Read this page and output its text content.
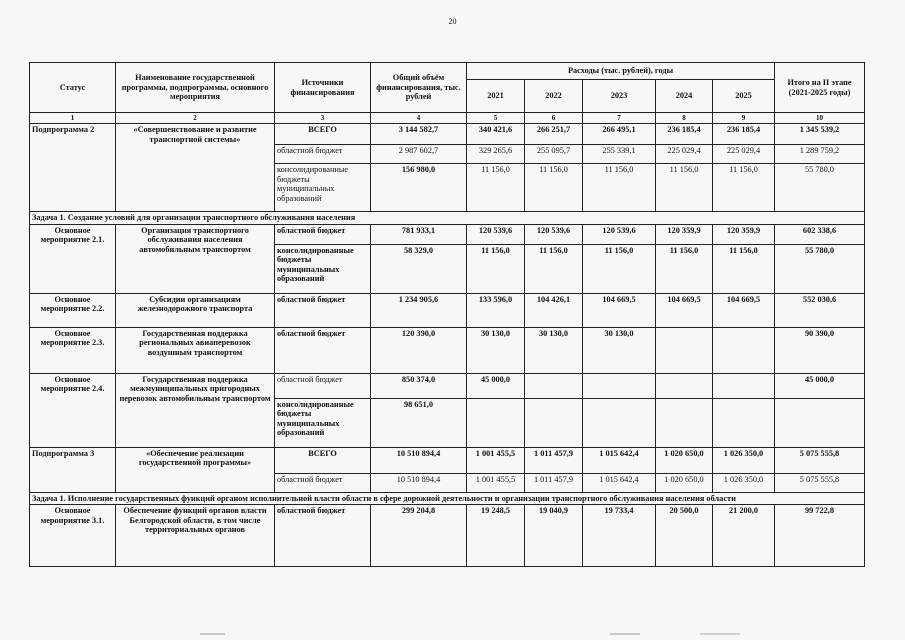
20
Статус	Наименование государственной программы, подпрограммы, основного мероприятия	Источники финансирования	Общий объём финансирования, тыс. рублей	Расходы (тыс. рублей), годы					Итого на II этапе (2021-2025 годы)
				2021	2022	2023	2024	2025	
1	2	3	4	5	6	7	8	9	10
Подпрограмма 2	«Совершенствование и развитие транспортной системы»	ВСЕГО	3 144 582,7	340 421,6	266 251,7	266 495,1	236 185,4	236 185,4	1 345 539,2
		областной бюджет	2 987 602,7	329 265,6	255 095,7	255 339,1	225 029,4	225 029,4	1 289 759,2
		консолидированные бюджеты муниципальных образований	156 980,0	11 156,0	11 156,0	11 156,0	11 156,0	11 156,0	55 780,0
Задача 1. Создание условий для организации транспортного обслуживания населения									
Основное мероприятие 2.1.	Организация транспортного обслуживания населения автомобильным транспортом	областной бюджет	781 933,1	120 539,6	120 539,6	120 539,6	120 359,9	120 359,9	602 338,6
		консолидированные бюджеты муниципальных образований	58 329,0	11 156,0	11 156,0	11 156,0	11 156,0	11 156,0	55 780,0
Основное мероприятие 2.2.	Субсидии организациям железнодорожного транспорта	областной бюджет	1 234 905,6	133 596,0	104 426,1	104 669,5	104 669,5	104 669,5	552 030,6
Основное мероприятие 2.3.	Государственная поддержка региональных авиаперевозок воздушным транспортом	областной бюджет	120 390,0	30 130,0	30 130,0	30 130,0			90 390,0
Основное мероприятие 2.4.	Государственная поддержка межмуниципальных пригородных перевозок автомобильным транспортом	областной бюджет	850 374,0	45 000,0					45 000,0
		консолидированные бюджеты муниципальных образований	98 651,0						
Подпрограмма 3	«Обеспечение реализации государственной программы»	ВСЕГО	10 510 894,4	1 001 455,5	1 011 457,9	1 015 642,4	1 020 650,0	1 026 350,0	5 075 555,8
		областной бюджет	10 510 894,4	1 001 455,5	1 011 457,9	1 015 642,4	1 020 650,0	1 026 350,0	5 075 555,8
Задача 1. Исполнение государственных функций органом исполнительной власти области в сфере дорожной деятельности и организации транспортного обслуживания населения области									
Основное мероприятие 3.1.	Обеспечение функций органов власти Белгородской области, в том числе территориальных органов	областной бюджет	299 204,8	19 248,5	19 040,9	19 733,4	20 500,0	21 200,0	99 722,8
